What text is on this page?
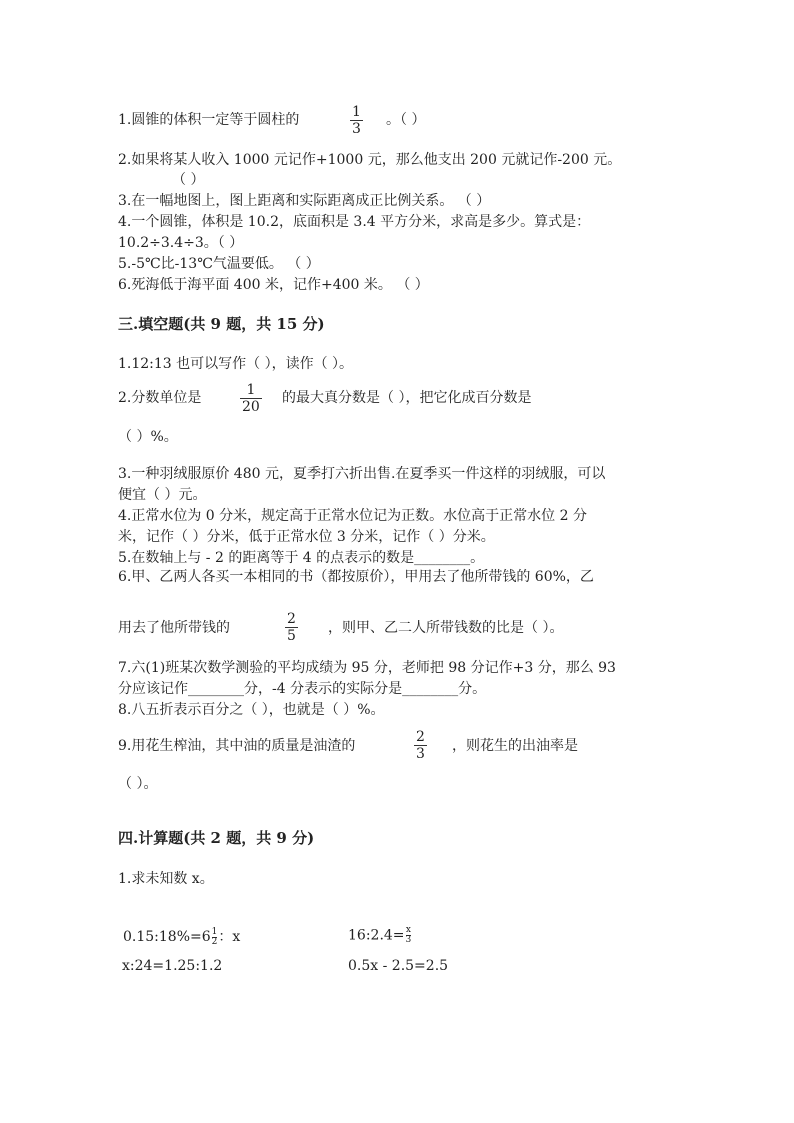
1.圆锥的体积一定等于圆柱的	$\frac{1}{3}$ 。（ ）
2.如果将某人收入 1000 元记作+1000 元，那么他支出 200 元就记作-200 元。
（ ）
3.在一幅地图上，图上距离和实际距离成正比例关系。 （ ）
4.一个圆锥，体积是 10.2，底面积是 3.4 平方分米，求高是多少。算式是：
10.2÷3.4÷3。（ ）
5.-5℃比-13℃气温要低。 （ ）
6.死海低于海平面 400 米，记作+400 米。 （ ）
三.填空题(共 9 题，共 15 分)
1.12:13 也可以写作（ ），读作（ ）。
2.分数单位是	$\frac{1}{20}$ 的最大真分数是（ ），把它化成百分数是
（ ）%。
3.一种羽绒服原价 480 元，夏季打六折出售.在夏季买一件这样的羽绒服，可以
便宜（ ）元。
4.正常水位为 0 分米，规定高于正常水位记为正数。水位高于正常水位 2 分
米，记作（ ）分米，低于正常水位 3 分米，记作（ ）分米。
5.在数轴上与 - 2 的距离等于 4 的点表示的数是________。
6.甲、乙两人各买一本相同的书（都按原价），甲用去了他所带钱的 60%，乙
用去了他所带钱的	$\frac{2}{5}$ ，则甲、乙二人所带钱数的比是（ ）。
7.六(1)班某次数学测验的平均成绩为 95 分，老师把 98 分记作+3 分，那么 93
分应该记作________分，-4 分表示的实际分是________分。
8.八五折表示百分之（ ），也就是（ ）%。
9.用花生榨油，其中油的质量是油渣的	$\frac{2}{3}$ ，则花生的出油率是
（ ）。
四.计算题(共 2 题，共 9 分)
1.求未知数 x。
0.15:18%=6 $\frac{1}{2}$ ：x	16:2.4= $\frac{x}{3}$
x:24=1.25:1.2	0.5x - 2.5=2.5
